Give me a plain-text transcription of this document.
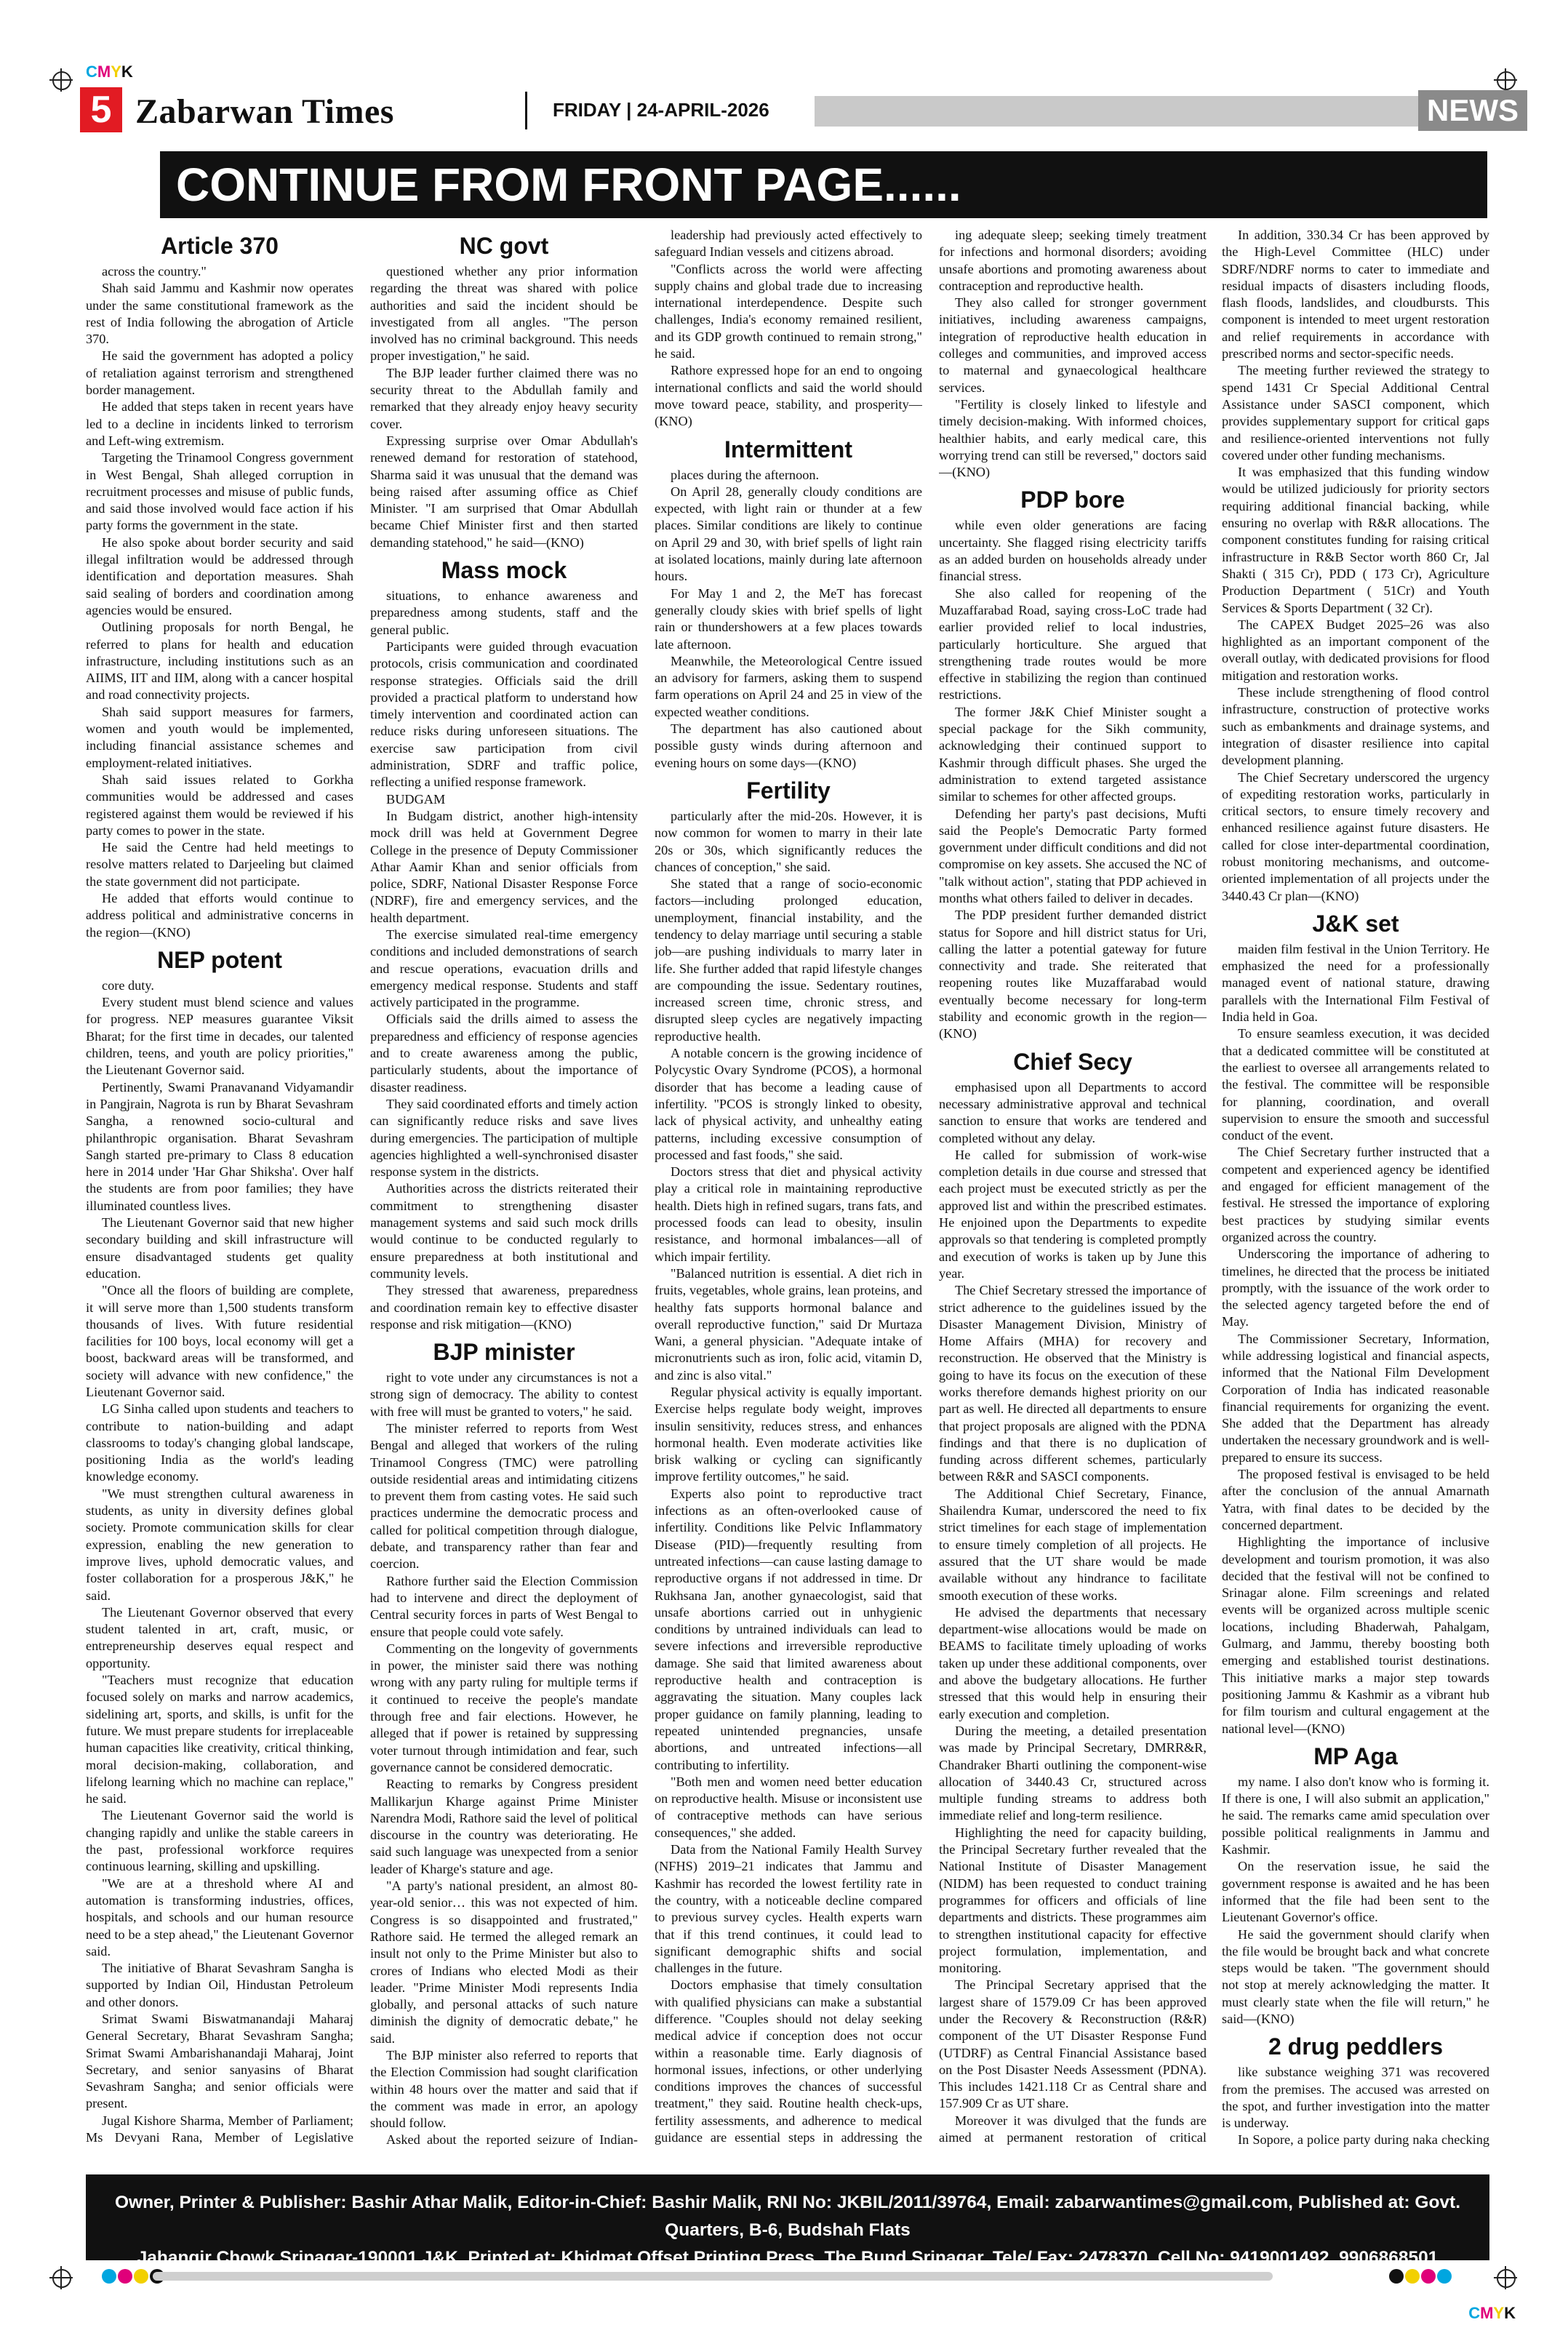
CMYK
CMYK
5 Zabarwan Times	FRIDAY | 24-APRIL-2026	NEWS
CONTINUE FROM FRONT PAGE......
Article 370

across the country."

Shah said Jammu and Kashmir now operates under the same constitutional framework as the rest of India following the abrogation of Article 370.

He said the government has adopted a policy of retaliation against terrorism and strengthened border management.

He added that steps taken in recent years have led to a decline in incidents linked to terrorism and Left-wing extremism.

Targeting the Trinamool Congress government in West Bengal, Shah alleged corruption in recruitment processes and misuse of public funds, and said those involved would face action if his party forms the government in the state.

He also spoke about border security and said illegal infiltration would be addressed through identification and deportation measures. Shah said sealing of borders and coordination among agencies would be ensured.

Outlining proposals for north Bengal, he referred to plans for health and education infrastructure, including institutions such as an AIIMS, IIT and IIM, along with a cancer hospital and road connectivity projects.

Shah said support measures for farmers, women and youth would be implemented, including financial assistance schemes and employment-related initiatives.

Shah said issues related to Gorkha communities would be addressed and cases registered against them would be reviewed if his party comes to power in the state.

He said the Centre had held meetings to resolve matters related to Darjeeling but claimed the state government did not participate.

He added that efforts would continue to address political and administrative concerns in the region—(KNO)

NEP potent

core duty.

Every student must blend science and values for progress. NEP measures guarantee Viksit Bharat; for the first time in decades, our talented children, teens, and youth are policy priorities," the Lieutenant Governor said.

Pertinently, Swami Pranavanand Vidyamandir in Pangjrain, Nagrota is run by Bharat Sevashram Sangha, a renowned socio-cultural and philanthropic organisation. Bharat Sevashram Sangh started pre-primary to Class 8 education here in 2014 under 'Har Ghar Shiksha'. Over half the students are from poor families; they have illuminated countless lives.

The Lieutenant Governor said that new higher secondary building and skill infrastructure will ensure disadvantaged students get quality education.

"Once all the floors of building are complete, it will serve more than 1,500 students transform thousands of lives. With future residential facilities for 100 boys, local economy will get a boost, backward areas will be transformed, and society will advance with new confidence," the Lieutenant Governor said.

LG Sinha called upon students and teachers to contribute to nation-building and adapt classrooms to today's changing global landscape, positioning India as the world's leading knowledge economy.

"We must strengthen cultural awareness in students, as unity in diversity defines global society. Promote communication skills for clear expression, enabling the new generation to improve lives, uphold democratic values, and foster collaboration for a prosperous J&K," he said.

The Lieutenant Governor observed that every student talented in art, craft, music, or entrepreneurship deserves equal respect and opportunity.

"Teachers must recognize that education focused solely on marks and narrow academics, sidelining art, sports, and skills, is unfit for the future. We must prepare students for irreplaceable human capacities like creativity, critical thinking, moral decision-making, collaboration, and lifelong learning which no machine can replace," he said.

The Lieutenant Governor said the world is changing rapidly and unlike the stable careers in the past, professional workforce requires continuous learning, skilling and upskilling.

"We are at a threshold where AI and automation is transforming industries, offices, hospitals, and schools and our human resource need to be a step ahead," the Lieutenant Governor said.

The initiative of Bharat Sevashram Sangha is supported by Indian Oil, Hindustan Petroleum and other donors.

Srimat Swami Biswatmanandaji Maharaj General Secretary, Bharat Sevashram Sangha; Srimat Swami Ambarishanandaji Maharaj, Joint Secretary, and senior sanyasins of Bharat Sevashram Sangha; and senior officials were present.

Jugal Kishore Sharma, Member of Parliament; Ms Devyani Rana, Member of Legislative

NC govt

questioned whether any prior information regarding the threat was shared with police authorities and said the incident should be investigated from all angles. "The person involved has no criminal background. This needs proper investigation," he said.

The BJP leader further claimed there was no security threat to the Abdullah family and remarked that they already enjoy heavy security cover.

Expressing surprise over Omar Abdullah's renewed demand for restoration of statehood, Sharma said it was unusual that the demand was being raised after assuming office as Chief Minister. "I am surprised that Omar Abdullah became Chief Minister first and then started demanding statehood," he said—(KNO)

Mass mock

situations, to enhance awareness and preparedness among students, staff and the general public.

Participants were guided through evacuation protocols, crisis communication and coordinated response strategies. Officials said the drill provided a practical platform to understand how timely intervention and coordinated action can reduce risks during unforeseen situations. The exercise saw participation from civil administration, SDRF and traffic police, reflecting a unified response framework.

BUDGAM

In Budgam district, another high-intensity mock drill was held at Government Degree College in the presence of Deputy Commissioner Athar Aamir Khan and senior officials from police, SDRF, National Disaster Response Force (NDRF), fire and emergency services, and the health department.

The exercise simulated real-time emergency conditions and included demonstrations of search and rescue operations, evacuation drills and emergency medical response. Students and staff actively participated in the programme.

Officials said the drills aimed to assess the preparedness and efficiency of response agencies and to create awareness among the public, particularly students, about the importance of disaster readiness.

They said coordinated efforts and timely action can significantly reduce risks and save lives during emergencies. The participation of multiple agencies highlighted a well-synchronised disaster response system in the districts.

Authorities across the districts reiterated their commitment to strengthening disaster management systems and said such mock drills would continue to be conducted regularly to ensure preparedness at both institutional and community levels.

They stressed that awareness, preparedness and coordination remain key to effective disaster response and risk mitigation—(KNO)

BJP minister

right to vote under any circumstances is not a strong sign of democracy. The ability to contest with free will must be granted to voters," he said.

The minister referred to reports from West Bengal and alleged that workers of the ruling Trinamool Congress (TMC) were patrolling outside residential areas and intimidating citizens to prevent them from casting votes. He said such practices undermine the democratic process and called for political competition through dialogue, debate, and transparency rather than fear and coercion.

Rathore further said the Election Commission had to intervene and direct the deployment of Central security forces in parts of West Bengal to ensure that people could vote safely.

Commenting on the longevity of governments in power, the minister said there was nothing wrong with any party ruling for multiple terms if it continued to receive the people's mandate through free and fair elections. However, he alleged that if power is retained by suppressing voter turnout through intimidation and fear, such governance cannot be considered democratic.

Reacting to remarks by Congress president Mallikarjun Kharge against Prime Minister Narendra Modi, Rathore said the level of political discourse in the country was deteriorating. He said such language was unexpected from a senior leader of Kharge's stature and age.

"A party's national president, an almost 80-year-old senior… this was not expected of him. Congress is so disappointed and frustrated," Rathore said. He termed the alleged remark an insult not only to the Prime Minister but also to crores of Indians who elected Modi as their leader. "Prime Minister Modi represents India globally, and personal attacks of such nature diminish the dignity of democratic debate," he said.

The BJP minister also referred to reports that the Election Commission had sought clarification within 48 hours over the matter and said that if the comment was made in error, an apology should follow.

Asked about the reported seizure of Indian-

leadership had previously acted effectively to safeguard Indian vessels and citizens abroad.

"Conflicts across the world were affecting supply chains and global trade due to increasing international interdependence. Despite such challenges, India's economy remained resilient, and its GDP growth continued to remain strong," he said.

Rathore expressed hope for an end to ongoing international conflicts and said the world should move toward peace, stability, and prosperity—(KNO)

Intermittent

places during the afternoon.

On April 28, generally cloudy conditions are expected, with light rain or thunder at a few places. Similar conditions are likely to continue on April 29 and 30, with brief spells of light rain at isolated locations, mainly during late afternoon hours.

For May 1 and 2, the MeT has forecast generally cloudy skies with brief spells of light rain or thundershowers at a few places towards late afternoon.

Meanwhile, the Meteorological Centre issued an advisory for farmers, asking them to suspend farm operations on April 24 and 25 in view of the expected weather conditions.

The department has also cautioned about possible gusty winds during afternoon and evening hours on some days—(KNO)

Fertility

particularly after the mid-20s. However, it is now common for women to marry in their late 20s or 30s, which significantly reduces the chances of conception," she said.

She stated that a range of socio-economic factors—including prolonged education, unemployment, financial instability, and the tendency to delay marriage until securing a stable job—are pushing individuals to marry later in life. She further added that rapid lifestyle changes are compounding the issue. Sedentary routines, increased screen time, chronic stress, and disrupted sleep cycles are negatively impacting reproductive health.

A notable concern is the growing incidence of Polycystic Ovary Syndrome (PCOS), a hormonal disorder that has become a leading cause of infertility. "PCOS is strongly linked to obesity, lack of physical activity, and unhealthy eating patterns, including excessive consumption of processed and fast foods," she said.

Doctors stress that diet and physical activity play a critical role in maintaining reproductive health. Diets high in refined sugars, trans fats, and processed foods can lead to obesity, insulin resistance, and hormonal imbalances—all of which impair fertility.

"Balanced nutrition is essential. A diet rich in fruits, vegetables, whole grains, lean proteins, and healthy fats supports hormonal balance and overall reproductive function," said Dr Murtaza Wani, a general physician. "Adequate intake of micronutrients such as iron, folic acid, vitamin D, and zinc is also vital."

Regular physical activity is equally important. Exercise helps regulate body weight, improves insulin sensitivity, reduces stress, and enhances hormonal health. Even moderate activities like brisk walking or cycling can significantly improve fertility outcomes," he said.

Experts also point to reproductive tract infections as an often-overlooked cause of infertility. Conditions like Pelvic Inflammatory Disease (PID)—frequently resulting from untreated infections—can cause lasting damage to reproductive organs if not addressed in time. Dr Rukhsana Jan, another gynaecologist, said that unsafe abortions carried out in unhygienic conditions by untrained individuals can lead to severe infections and irreversible reproductive damage. She said that limited awareness about reproductive health and contraception is aggravating the situation. Many couples lack proper guidance on family planning, leading to repeated unintended pregnancies, unsafe abortions, and untreated infections—all contributing to infertility.

"Both men and women need better education on reproductive health. Misuse or inconsistent use of contraceptive methods can have serious consequences," she added.

Data from the National Family Health Survey (NFHS) 2019–21 indicates that Jammu and Kashmir has recorded the lowest fertility rate in the country, with a noticeable decline compared to previous survey cycles. Health experts warn that if this trend continues, it could lead to significant demographic shifts and social challenges in the future.

Doctors emphasise that timely consultation with qualified physicians can make a substantial difference. "Couples should not delay seeking medical advice if conception does not occur within a reasonable time. Early diagnosis of hormonal issues, infections, or other underlying conditions improves the chances of successful treatment," they said. Routine health check-ups, fertility assessments, and adherence to medical guidance are essential steps in addressing the

ing adequate sleep; seeking timely treatment for infections and hormonal disorders; avoiding unsafe abortions and promoting awareness about contraception and reproductive health.

They also called for stronger government initiatives, including awareness campaigns, integration of reproductive health education in colleges and communities, and improved access to maternal and gynaecological healthcare services.

"Fertility is closely linked to lifestyle and timely decision-making. With informed choices, healthier habits, and early medical care, this worrying trend can still be reversed," doctors said—(KNO)

PDP bore

while even older generations are facing uncertainty. She flagged rising electricity tariffs as an added burden on households already under financial stress.

She also called for reopening of the Muzaffarabad Road, saying cross-LoC trade had earlier provided relief to local industries, particularly horticulture. She argued that strengthening trade routes would be more effective in stabilizing the region than continued restrictions.

The former J&K Chief Minister sought a special package for the Sikh community, acknowledging their continued support to Kashmir through difficult phases. She urged the administration to extend targeted assistance similar to schemes for other affected groups.

Defending her party's past decisions, Mufti said the People's Democratic Party formed government under difficult conditions and did not compromise on key assets. She accused the NC of "talk without action", stating that PDP achieved in months what others failed to deliver in decades.

The PDP president further demanded district status for Sopore and hill district status for Uri, calling the latter a potential gateway for future connectivity and trade. She reiterated that reopening routes like Muzaffarabad would eventually become necessary for long-term stability and economic growth in the region—(KNO)

Chief Secy

emphasised upon all Departments to accord necessary administrative approval and technical sanction to ensure that works are tendered and completed without any delay.

He called for submission of work-wise completion details in due course and stressed that each project must be executed strictly as per the approved list and within the prescribed estimates. He enjoined upon the Departments to expedite approvals so that tendering is completed promptly and execution of works is taken up by June this year.

The Chief Secretary stressed the importance of strict adherence to the guidelines issued by the Disaster Management Division, Ministry of Home Affairs (MHA) for recovery and reconstruction. He observed that the Ministry is going to have its focus on the execution of these works therefore demands highest priority on our part as well. He directed all departments to ensure that project proposals are aligned with the PDNA findings and that there is no duplication of funding across different schemes, particularly between R&R and SASCI components.

The Additional Chief Secretary, Finance, Shailendra Kumar, underscored the need to fix strict timelines for each stage of implementation to ensure timely completion of all projects. He assured that the UT share would be made available without any hindrance to facilitate smooth execution of these works.

He advised the departments that necessary department-wise allocations would be made on BEAMS to facilitate timely uploading of works taken up under these additional components, over and above the budgetary allocations. He further stressed that this would help in ensuring their early execution and completion.

During the meeting, a detailed presentation was made by Principal Secretary, DMRR&R, Chandraker Bharti outlining the component-wise allocation of 3440.43 Cr, structured across multiple funding streams to address both immediate relief and long-term resilience.

Highlighting the need for capacity building, the Principal Secretary further revealed that the National Institute of Disaster Management (NIDM) has been requested to conduct training programmes for officers and officials of line departments and districts. These programmes aim to strengthen institutional capacity for effective project formulation, implementation, and monitoring.

The Principal Secretary apprised that the largest share of 1579.09 Cr has been approved under the Recovery & Reconstruction (R&R) component of the UT Disaster Response Fund (UTDRF) as Central Financial Assistance based on the Post Disaster Needs Assessment (PDNA). This includes 1421.118 Cr as Central share and 157.909 Cr as UT share.

Moreover it was divulged that the funds are aimed at permanent restoration of critical

In addition, 330.34 Cr has been approved by the High-Level Committee (HLC) under SDRF/NDRF norms to cater to immediate and residual impacts of disasters including floods, flash floods, landslides, and cloudbursts. This component is intended to meet urgent restoration and relief requirements in accordance with prescribed norms and sector-specific needs.

The meeting further reviewed the strategy to spend 1431 Cr Special Additional Central Assistance under SASCI component, which provides supplementary support for critical gaps and resilience-oriented interventions not fully covered under other funding mechanisms.

It was emphasized that this funding window would be utilized judiciously for priority sectors requiring additional financial backing, while ensuring no overlap with R&R allocations. The component constitutes funding for raising critical infrastructure in R&B Sector worth 860 Cr, Jal Shakti ( 315 Cr), PDD ( 173 Cr), Agriculture Production Department ( 51Cr) and Youth Services & Sports Department ( 32 Cr).

The CAPEX Budget 2025–26 was also highlighted as an important component of the overall outlay, with dedicated provisions for flood mitigation and restoration works.

These include strengthening of flood control infrastructure, construction of protective works such as embankments and drainage systems, and integration of disaster resilience into capital development planning.

The Chief Secretary underscored the urgency of expediting restoration works, particularly in critical sectors, to ensure timely recovery and enhanced resilience against future disasters. He called for close inter-departmental coordination, robust monitoring mechanisms, and outcome-oriented implementation of all projects under the 3440.43 Cr plan—(KNO)

J&K set

maiden film festival in the Union Territory. He emphasized the need for a professionally managed event of national stature, drawing parallels with the International Film Festival of India held in Goa.

To ensure seamless execution, it was decided that a dedicated committee will be constituted at the earliest to oversee all arrangements related to the festival. The committee will be responsible for planning, coordination, and overall supervision to ensure the smooth and successful conduct of the event.

The Chief Secretary further instructed that a competent and experienced agency be identified and engaged for efficient management of the festival. He stressed the importance of exploring best practices by studying similar events organized across the country.

Underscoring the importance of adhering to timelines, he directed that the process be initiated promptly, with the issuance of the work order to the selected agency targeted before the end of May.

The Commissioner Secretary, Information, while addressing logistical and financial aspects, informed that the National Film Development Corporation of India has indicated reasonable financial requirements for organizing the event. She added that the Department has already undertaken the necessary groundwork and is well-prepared to ensure its success.

The proposed festival is envisaged to be held after the conclusion of the annual Amarnath Yatra, with final dates to be decided by the concerned department.

Highlighting the importance of inclusive development and tourism promotion, it was also decided that the festival will not be confined to Srinagar alone. Film screenings and related events will be organized across multiple scenic locations, including Bhaderwah, Pahalgam, Gulmarg, and Jammu, thereby boosting both emerging and established tourist destinations. This initiative marks a major step towards positioning Jammu & Kashmir as a vibrant hub for film tourism and cultural engagement at the national level—(KNO)

MP Aga

my name. I also don't know who is forming it. If there is one, I will also submit an application," he said. The remarks came amid speculation over possible political realignments in Jammu and Kashmir.

On the reservation issue, he said the government response is awaited and he has been informed that the file had been sent to the Lieutenant Governor's office.

He said the government should clarify when the file would be brought back and what concrete steps would be taken. "The government should not stop at merely acknowledging the matter. It must clearly state when the file will return," he said—(KNO)

2 drug peddlers

like substance weighing 371 was recovered from the premises. The accused was arrested on the spot, and further investigation into the matter is underway.

In Sopore, a police party during naka checking

Owner, Printer & Publisher: Bashir Athar Malik, Editor-in-Chief: Bashir Malik, RNI No: JKBIL/2011/39764, Email: zabarwantimes@gmail.com, Published at: Govt. Quarters, B-6, Budshah Flats
Jahangir Chowk Srinagar-190001 J&K, Printed at: Khidmat Offset Printing Press, The Bund Srinagar, Tele/ Fax: 2478370, Cell No: 9419001492, 9906868501
